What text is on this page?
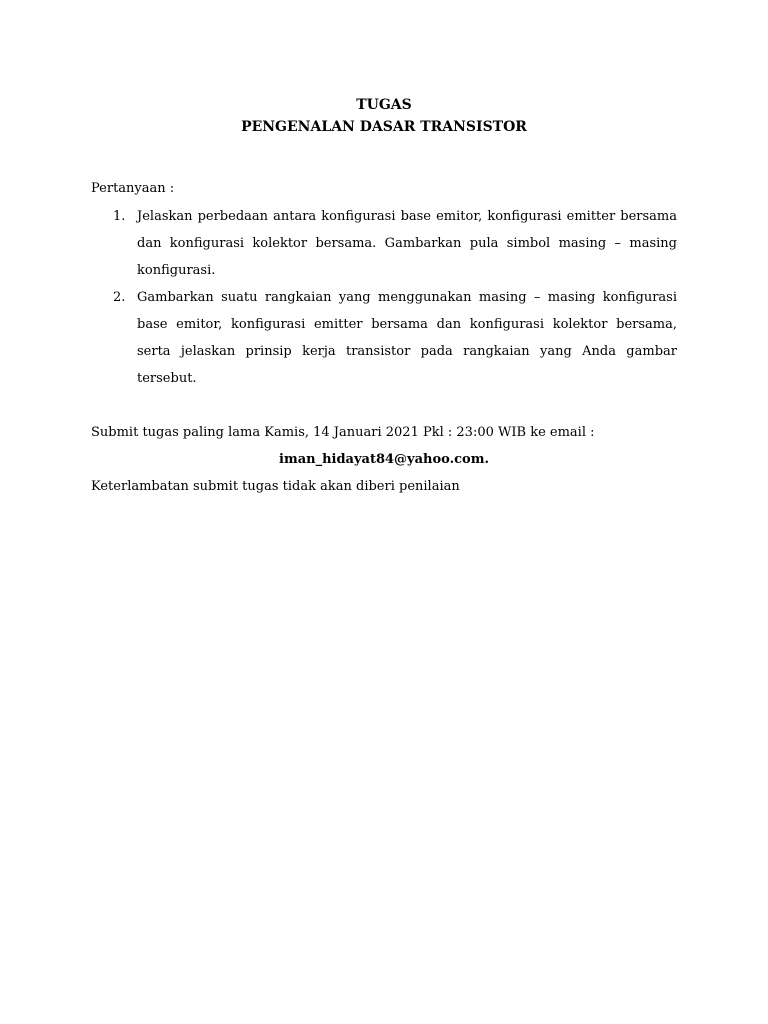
TUGAS
PENGENALAN DASAR TRANSISTOR
Pertanyaan :
1. Jelaskan perbedaan antara konfigurasi base emitor, konfigurasi emitter bersama dan konfigurasi kolektor bersama. Gambarkan pula simbol masing – masing konfigurasi.
2. Gambarkan suatu rangkaian yang menggunakan masing – masing konfigurasi base emitor, konfigurasi emitter bersama dan konfigurasi kolektor bersama, serta jelaskan prinsip kerja transistor pada rangkaian yang Anda gambar tersebut.
Submit tugas paling lama Kamis, 14 Januari 2021 Pkl : 23:00 WIB ke email :
iman_hidayat84@yahoo.com.
Keterlambatan submit tugas tidak akan diberi penilaian
